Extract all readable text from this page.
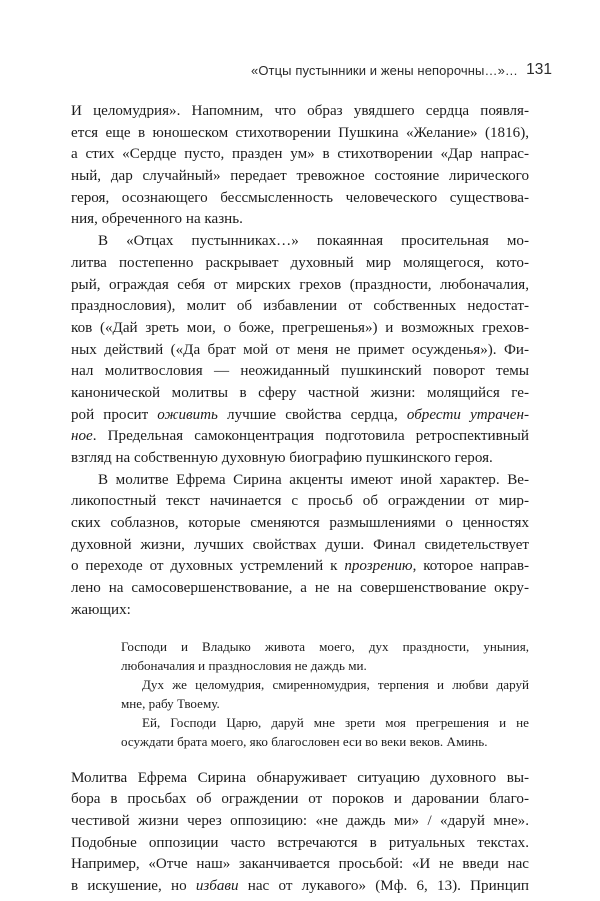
«Отцы пустынники и жены непорочны…»… 131
И целомудрия». Напомним, что образ увядшего сердца появля-
ется еще в юношеском стихотворении Пушкина «Желание» (1816),
а стих «Сердце пусто, празден ум» в стихотворении «Дар напрас-
ный, дар случайный» передает тревожное состояние лирического
героя, осознающего бессмысленность человеческого существова-
ния, обреченного на казнь.
В «Отцах пустынниках…» покаянная просительная мо-
литва постепенно раскрывает духовный мир молящегося, кото-
рый, ограждая себя от мирских грехов (праздности, любоначалия,
празднословия), молит об избавлении от собственных недостат-
ков («Дай зреть мои, о боже, прегрешенья») и возможных грехов-
ных действий («Да брат мой от меня не примет осужденья»). Фи-
нал молитвословия — неожиданный пушкинский поворот темы
канонической молитвы в сферу частной жизни: молящийся ге-
рой просит оживить лучшие свойства сердца, обрести утрачен-
ное. Предельная самоконцентрация подготовила ретроспективный
взгляд на собственную духовную биографию пушкинского героя.
В молитве Ефрема Сирина акценты имеют иной характер. Ве-
ликопостный текст начинается с просьб об ограждении от мир-
ских соблазнов, которые сменяются размышлениями о ценностях
духовной жизни, лучших свойствах души. Финал свидетельствует
о переходе от духовных устремлений к прозрению, которое направ-
лено на самосовершенствование, а не на совершенствование окру-
жающих:
Господи и Владыко живота моего, дух праздности, уныния,
любоначалия и празднословия не даждь ми.
Дух же целомудрия, смиренномудрия, терпения и любви даруй
мне, рабу Твоему.
Ей, Господи Царю, даруй мне зрети моя прегрешения и не
осуждати брата моего, яко благословен еси во веки веков. Аминь.
Молитва Ефрема Сирина обнаруживает ситуацию духовного вы-
бора в просьбах об ограждении от пороков и даровании благо-
честивой жизни через оппозицию: «не даждь ми» / «даруй мне».
Подобные оппозиции часто встречаются в ритуальных текстах.
Например, «Отче наш» заканчивается просьбой: «И не введи нас
в искушение, но избави нас от лукавого» (Мф. 6, 13). Принцип
